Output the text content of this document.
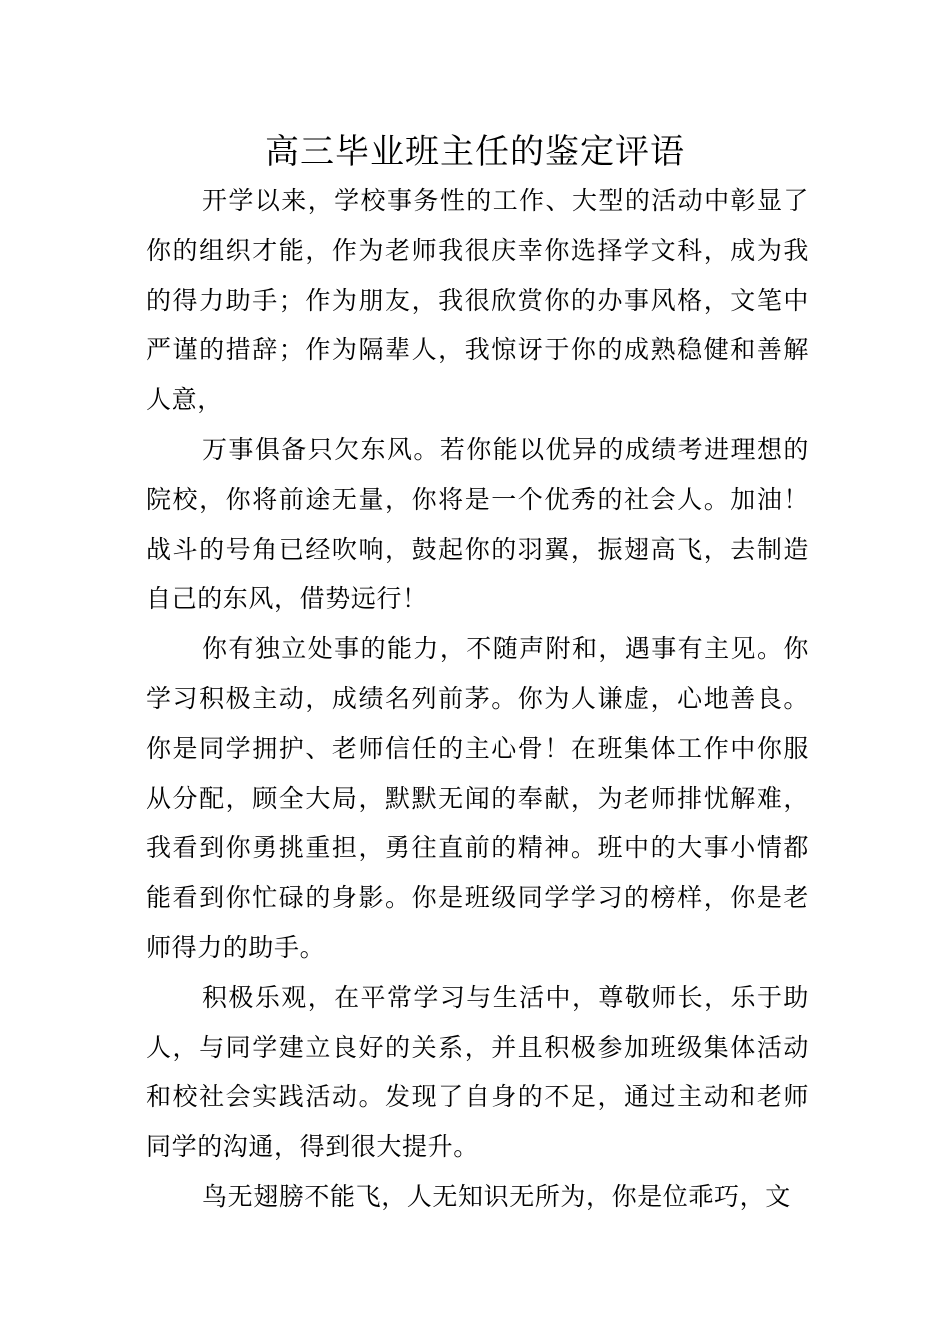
高三毕业班主任的鉴定评语

开学以来，学校事务性的工作、大型的活动中彰显了你的组织才能，作为老师我很庆幸你选择学文科，成为我的得力助手；作为朋友，我很欣赏你的办事风格，文笔中严谨的措辞；作为隔辈人，我惊讶于你的成熟稳健和善解人意，

万事俱备只欠东风。若你能以优异的成绩考进理想的院校，你将前途无量，你将是一个优秀的社会人。加油！战斗的号角已经吹响，鼓起你的羽翼，振翅高飞，去制造自己的东风，借势远行！

你有独立处事的能力，不随声附和，遇事有主见。你学习积极主动，成绩名列前茅。你为人谦虚，心地善良。你是同学拥护、老师信任的主心骨！在班集体工作中你服从分配，顾全大局，默默无闻的奉献，为老师排忧解难，我看到你勇挑重担，勇往直前的精神。班中的大事小情都能看到你忙碌的身影。你是班级同学学习的榜样，你是老师得力的助手。

积极乐观，在平常学习与生活中，尊敬师长，乐于助人，与同学建立良好的关系，并且积极参加班级集体活动和校社会实践活动。发现了自身的不足，通过主动和老师同学的沟通，得到很大提升。

鸟无翅膀不能飞，人无知识无所为，你是位乖巧，文
